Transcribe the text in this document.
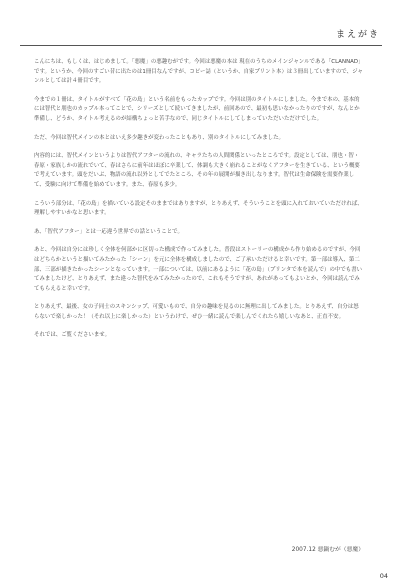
まえがき

こんにちは、もしくは、はじめまして。「悪魔」の悪趣むがです。今回は悪魔の本は 現在のうちのメインジャンルである「CLANNAD」です。というか、今回のすごい昔に出たのは1冊目なんですが、コピー誌（というか、自家プリント本）は３冊出していますので、ジャンルとしては計４冊目です。

今までの１冊は、タイトルがすべて「花の島」という名前をもったカップです。今回は別のタイトルにしました。今まで本の、基本的には智代と朋也のカップル本ってことで、シリーズとして続いてきましたが、前回あので、最初も思いなかったりのですが、なんとか準備し、どうか、タイトル考えるのが結構ちょっと苦手なので、同じタイトルにしてしまっていただいただけでした。

ただ、今回は智代メインの本とはいえ多少趣きが変わったこともあり、別のタイトルにしてみました。

内容的には、智代メインというよりは智代アフターの流れの、キャラたちの人間関係といったところです。設定としては、朋也・智・春原・家族しかの流れでいて、春はさらに前年はほぼに卒業して、体調も大きく崩れることがなくアフターを生きている、という概要で考えています。頭をだいぶ、物語の流れ以外としてでたところ、その年の展開が描き出しなります。智代は生命保険を需要作業して、受験に向けて準備を始めています。また、春原も多少。

こういう部分は、「花の島」を描いている設定そのままではありますが、とりあえず、そういうことを頭に入れておいていただければ、理解しやすいかなと思います。

あ、「智代アフター」とは一応違う世界での話ということで。

あと、今回は自分には珍しく全体を何部かに区切った構成で作ってみました。普段はストーリーの構成から作り始めるのですが、今回はどちらかというと描いてみたかった「シーン」を元に全体を構成しましたので、ご了承いただけると幸いです。第一部は導入、第二部、三部が描きたかったシーンとなっています。一部については、以前にあるように「花の島」（プリンタで本を読んで）の中でも書いてみましたけど、とりあえず、また違った智代をみてみたかったので、これもそうですが、あれがあってもよいとか、今回は読んでみてもらえると幸いです。

とりあえず、最後、女の子同士のスキンシップ、可愛いもので、自分の趣味を見るのに無理に出してみました。とりあえず、自分は怒らないで楽しかった！（それ以上に楽しかった）というわけで、ぜひ一緒に読んで楽しんでくれたら嬉しいなあと、正直不安。

それでは、ご覧くださいませ。

2007.12 悪鍋むが（悪魔）
04
